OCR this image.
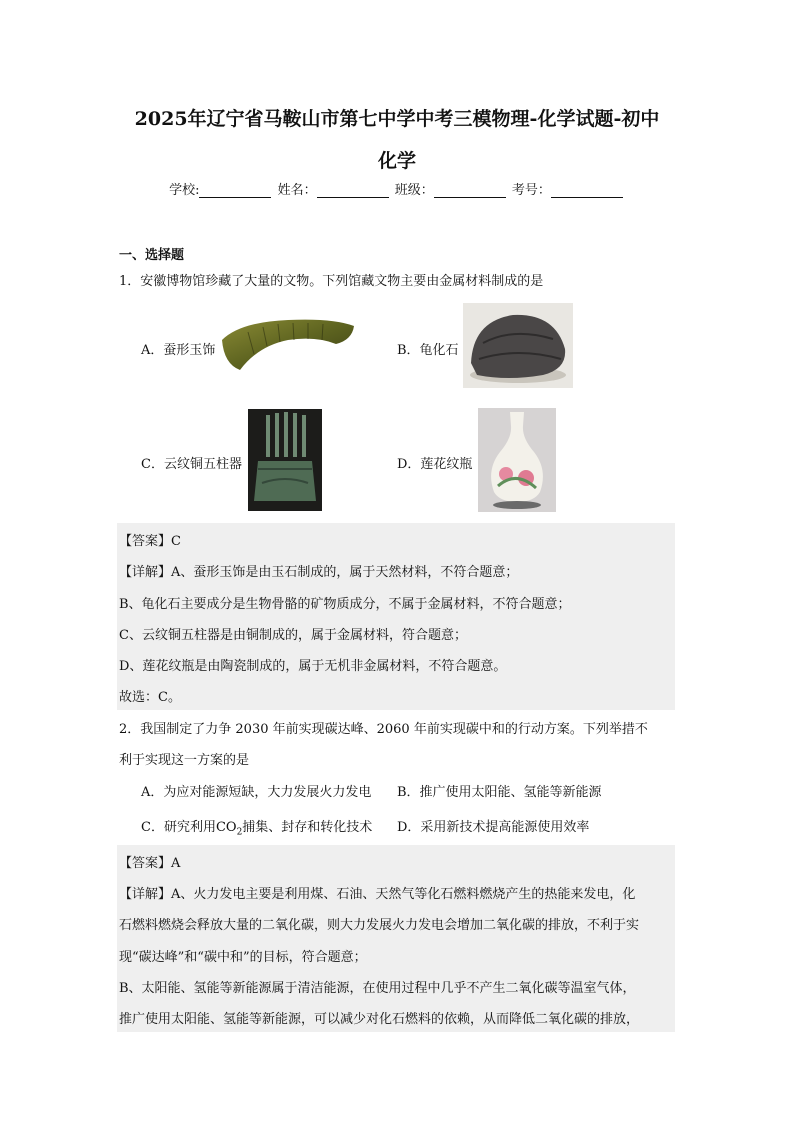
2025年辽宁省马鞍山市第七中学中考三模物理-化学试题-初中
化学
学校:	姓名：	班级：	考号：
一、选择题
1．安徽博物馆珍藏了大量的文物。下列馆藏文物主要由金属材料制成的是
A．蚕形玉饰	B．龟化石
C．云纹铜五柱器	D．莲花纹瓶
【答案】C
【详解】A、蚕形玉饰是由玉石制成的，属于天然材料，不符合题意；
B、龟化石主要成分是生物骨骼的矿物质成分，不属于金属材料，不符合题意；
C、云纹铜五柱器是由铜制成的，属于金属材料，符合题意；
D、莲花纹瓶是由陶瓷制成的，属于无机非金属材料，不符合题意。
故选：C。
2．我国制定了力争 2030 年前实现碳达峰、2060 年前实现碳中和的行动方案。下列举措不
利于实现这一方案的是
A．为应对能源短缺，大力发展火力发电 B．推广使用太阳能、氢能等新能源
C．研究利用$CO_2$捕集、封存和转化技术 D．采用新技术提高能源使用效率
【答案】A
【详解】A、火力发电主要是利用煤、石油、天然气等化石燃料燃烧产生的热能来发电，化
石燃料燃烧会释放大量的二氧化碳，则大力发展火力发电会增加二氧化碳的排放，不利于实
现“碳达峰”和“碳中和”的目标，符合题意；
B、太阳能、氢能等新能源属于清洁能源，在使用过程中几乎不产生二氧化碳等温室气体，
推广使用太阳能、氢能等新能源，可以减少对化石燃料的依赖，从而降低二氧化碳的排放，
